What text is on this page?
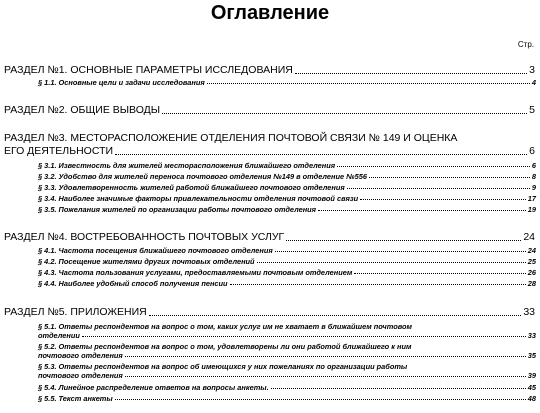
Оглавление
Стр.
РАЗДЕЛ №1. ОСНОВНЫЕ ПАРАМЕТРЫ ИССЛЕДОВАНИЯ	3
§ 1.1. Основные цели и задачи исследования	4
РАЗДЕЛ №2. ОБЩИЕ ВЫВОДЫ	5
РАЗДЕЛ №3. МЕСТОРАСПОЛОЖЕНИЕ ОТДЕЛЕНИЯ ПОЧТОВОЙ СВЯЗИ № 149 И ОЦЕНКА
ЕГО ДЕЯТЕЛЬНОСТИ	6
§ 3.1. Известность для жителей месторасположения ближайшего отделения	6
§ 3.2. Удобство для жителей переноса почтового отделения №149 в отделение №556	8
§ 3.3. Удовлетворенность жителей работой ближайшего почтового отделения	9
§ 3.4. Наиболее значимые факторы привлекательности отделения почтовой связи	17
§ 3.5. Пожелания жителей по организации работы почтового отделения	19
РАЗДЕЛ №4. ВОСТРЕБОВАННОСТЬ ПОЧТОВЫХ УСЛУГ	24
§ 4.1. Частота посещения ближайшего почтового отделения	24
§ 4.2. Посещение жителями других почтовых отделений	25
§ 4.3. Частота пользования услугами, предоставляемыми почтовым отделением	26
§ 4.4. Наиболее удобный способ получения пенсии	28
РАЗДЕЛ №5. ПРИЛОЖЕНИЯ	33
§ 5.1. Ответы респондентов на вопрос о том, каких услуг им не хватает в ближайшем почтовом
отделении	33
§ 5.2. Ответы респондентов на вопрос о том, удовлетворены ли они работой ближайшего к ним
почтового отделения	35
§ 5.3. Ответы респондентов на вопрос об имеющихся у них пожеланиях по организации работы
почтового отделения	39
§ 5.4. Линейное распределение ответов на вопросы анкеты.	45
§ 5.5. Текст анкеты	48
